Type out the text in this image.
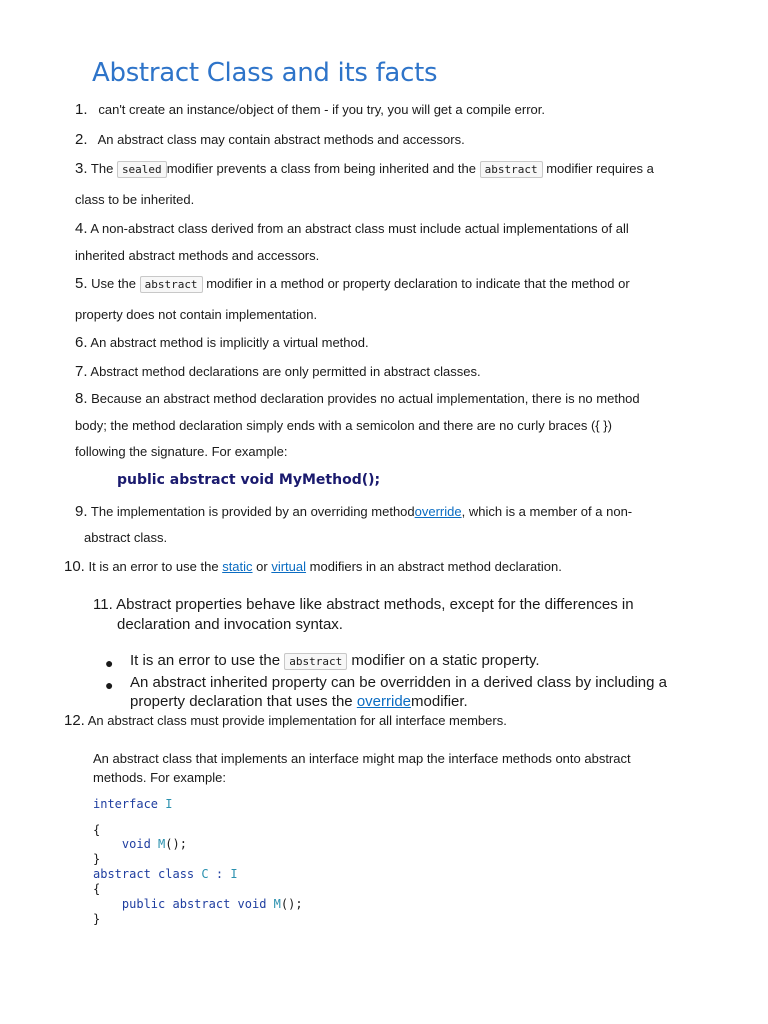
Abstract Class and its facts
1. can't create an instance/object of them - if you try, you will get a compile error.
2. An abstract class may contain abstract methods and accessors.
3. The sealed modifier prevents a class from being inherited and the abstract modifier requires a
class to be inherited.
4. A non-abstract class derived from an abstract class must include actual implementations of all
inherited abstract methods and accessors.
5. Use the abstract modifier in a method or property declaration to indicate that the method or
property does not contain implementation.
6. An abstract method is implicitly a virtual method.
7. Abstract method declarations are only permitted in abstract classes.
8. Because an abstract method declaration provides no actual implementation, there is no method
body; the method declaration simply ends with a semicolon and there are no curly braces ({ })
following the signature. For example:
public abstract void MyMethod();
9. The implementation is provided by an overriding methodoverride, which is a member of a non-
abstract class.
10. It is an error to use the static or virtual modifiers in an abstract method declaration.
11. Abstract properties behave like abstract methods, except for the differences in
declaration and invocation syntax.
● It is an error to use the abstract modifier on a static property.
● An abstract inherited property can be overridden in a derived class by including a
property declaration that uses the overridemodifier.
12. An abstract class must provide implementation for all interface members.
An abstract class that implements an interface might map the interface methods onto abstract
methods. For example:
interface I
{
void M();
}
abstract class C : I
{
public abstract void M();
}
